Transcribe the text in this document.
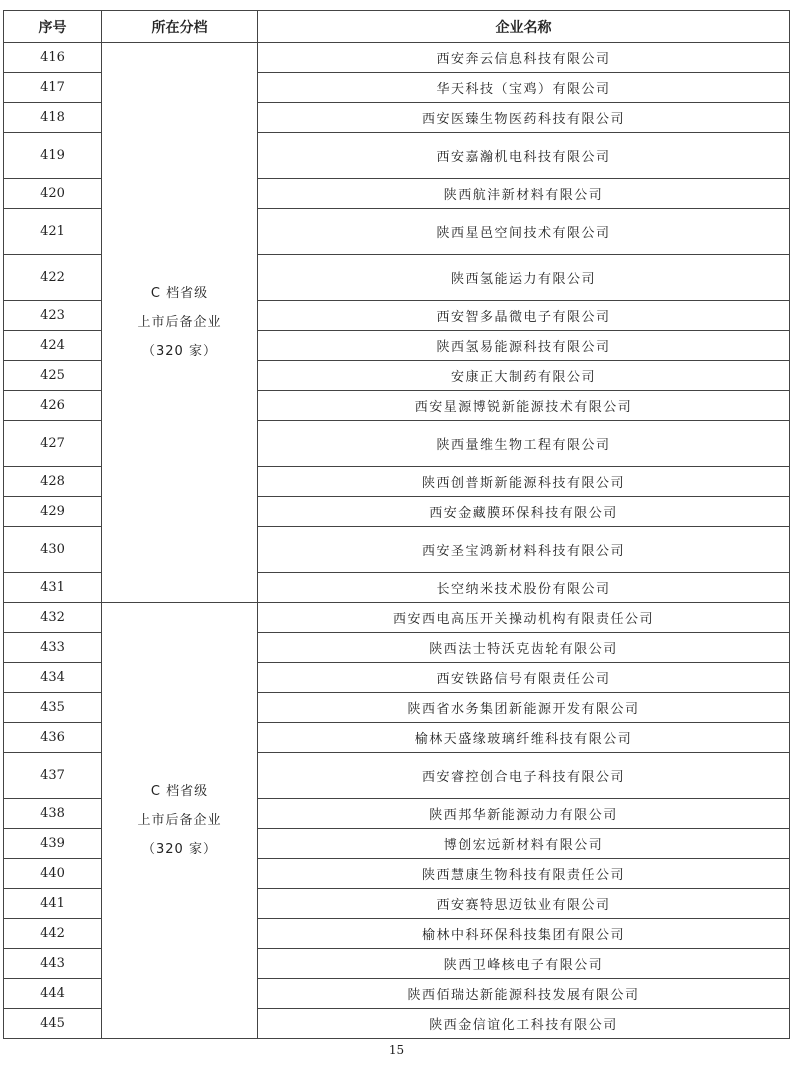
序号	所在分档	企业名称
416	C 档省级
上市后备企业
（320 家）	西安奔云信息科技有限公司
417		华天科技（宝鸡）有限公司
418		西安医臻生物医药科技有限公司
419		西安嘉瀚机电科技有限公司
420		陕西航沣新材料有限公司
421		陕西星邑空间技术有限公司
422		陕西氢能运力有限公司
423		西安智多晶微电子有限公司
424		陕西氢易能源科技有限公司
425		安康正大制药有限公司
426		西安星源博锐新能源技术有限公司
427		陕西量维生物工程有限公司
428		陕西创普斯新能源科技有限公司
429		西安金藏膜环保科技有限公司
430		西安圣宝鸿新材料科技有限公司
431		长空纳米技术股份有限公司
432	C 档省级
上市后备企业
（320 家）	西安西电高压开关操动机构有限责任公司
433		陕西法士特沃克齿轮有限公司
434		西安铁路信号有限责任公司
435		陕西省水务集团新能源开发有限公司
436		榆林天盛缘玻璃纤维科技有限公司
437		西安睿控创合电子科技有限公司
438		陕西邦华新能源动力有限公司
439		博创宏远新材料有限公司
440		陕西慧康生物科技有限责任公司
441		西安赛特思迈钛业有限公司
442		榆林中科环保科技集团有限公司
443		陕西卫峰核电子有限公司
444		陕西佰瑞达新能源科技发展有限公司
445		陕西金信谊化工科技有限公司
15
